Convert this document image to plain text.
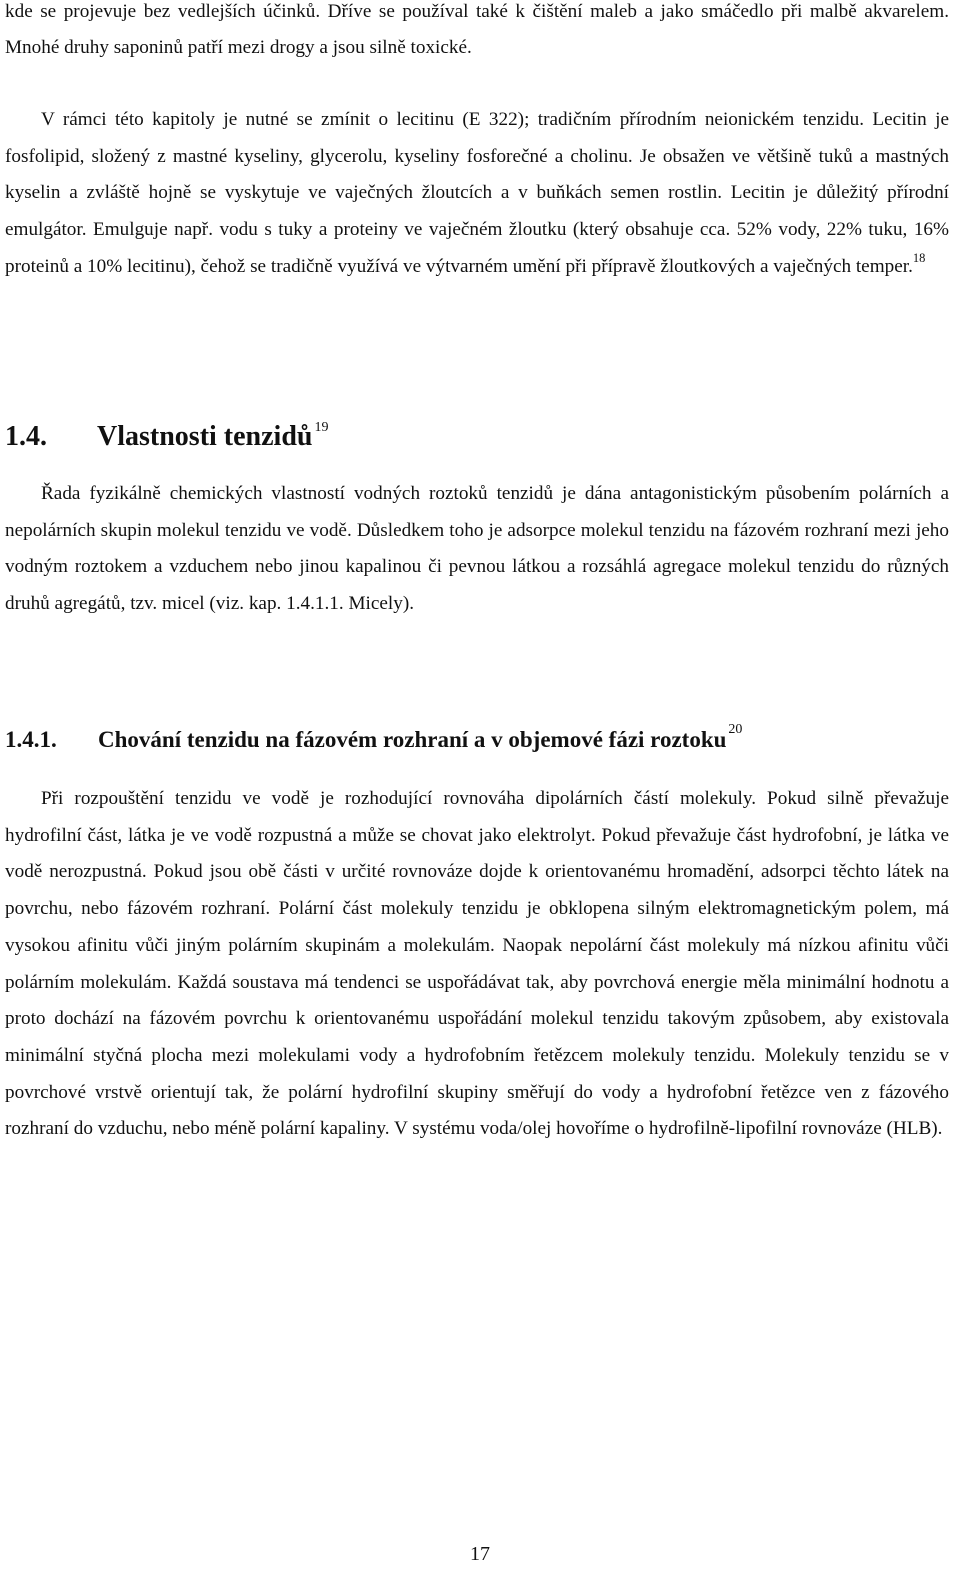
kde se projevuje bez vedlejších účinků. Dříve se používal také k čištění maleb a jako smáčedlo při malbě akvarelem. Mnohé druhy saponinů patří mezi drogy a jsou silně toxické.

V rámci této kapitoly je nutné se zmínit o lecitinu (E 322); tradičním přírodním neionickém tenzidu. Lecitin je fosfolipid, složený z mastné kyseliny, glycerolu, kyseliny fosforečné a cholinu. Je obsažen ve většině tuků a mastných kyselin a zvláště hojně se vyskytuje ve vaječných žloutcích a v buňkách semen rostlin. Lecitin je důležitý přírodní emulgátor. Emulguje např. vodu s tuky a proteiny ve vaječném žloutku (který obsahuje cca. 52% vody, 22% tuku, 16% proteinů a 10% lecitinu), čehož se tradičně využívá ve výtvarném umění při přípravě žloutkových a vaječných temper.$^{18}$

1.4. Vlastnosti tenzidů $^{19}$

Řada fyzikálně chemických vlastností vodných roztoků tenzidů je dána antagonistickým působením polárních a nepolárních skupin molekul tenzidu ve vodě. Důsledkem toho je adsorpce molekul tenzidu na fázovém rozhraní mezi jeho vodným roztokem a vzduchem nebo jinou kapalinou či pevnou látkou a rozsáhlá agregace molekul tenzidu do různých druhů agregátů, tzv. micel (viz. kap. 1.4.1.1. Micely).

1.4.1. Chování tenzidu na fázovém rozhraní a v objemové fázi roztoku $^{20}$

Při rozpouštění tenzidu ve vodě je rozhodující rovnováha dipolárních částí molekuly. Pokud silně převažuje hydrofilní část, látka je ve vodě rozpustná a může se chovat jako elektrolyt. Pokud převažuje část hydrofobní, je látka ve vodě nerozpustná. Pokud jsou obě části v určité rovnováze dojde k orientovanému hromadění, adsorpci těchto látek na povrchu, nebo fázovém rozhraní. Polární část molekuly tenzidu je obklopena silným elektromagnetickým polem, má vysokou afinitu vůči jiným polárním skupinám a molekulám. Naopak nepolární část molekuly má nízkou afinitu vůči polárním molekulám. Každá soustava má tendenci se uspořádávat tak, aby povrchová energie měla minimální hodnotu a proto dochází na fázovém povrchu k orientovanému uspořádání molekul tenzidu takovým způsobem, aby existovala minimální styčná plocha mezi molekulami vody a hydrofobním řetězcem molekuly tenzidu. Molekuly tenzidu se v povrchové vrstvě orientují tak, že polární hydrofilní skupiny směřují do vody a hydrofobní řetězce ven z fázového rozhraní do vzduchu, nebo méně polární kapaliny. V systému voda/olej hovoříme o hydrofilně-lipofilní rovnováze (HLB).

17
